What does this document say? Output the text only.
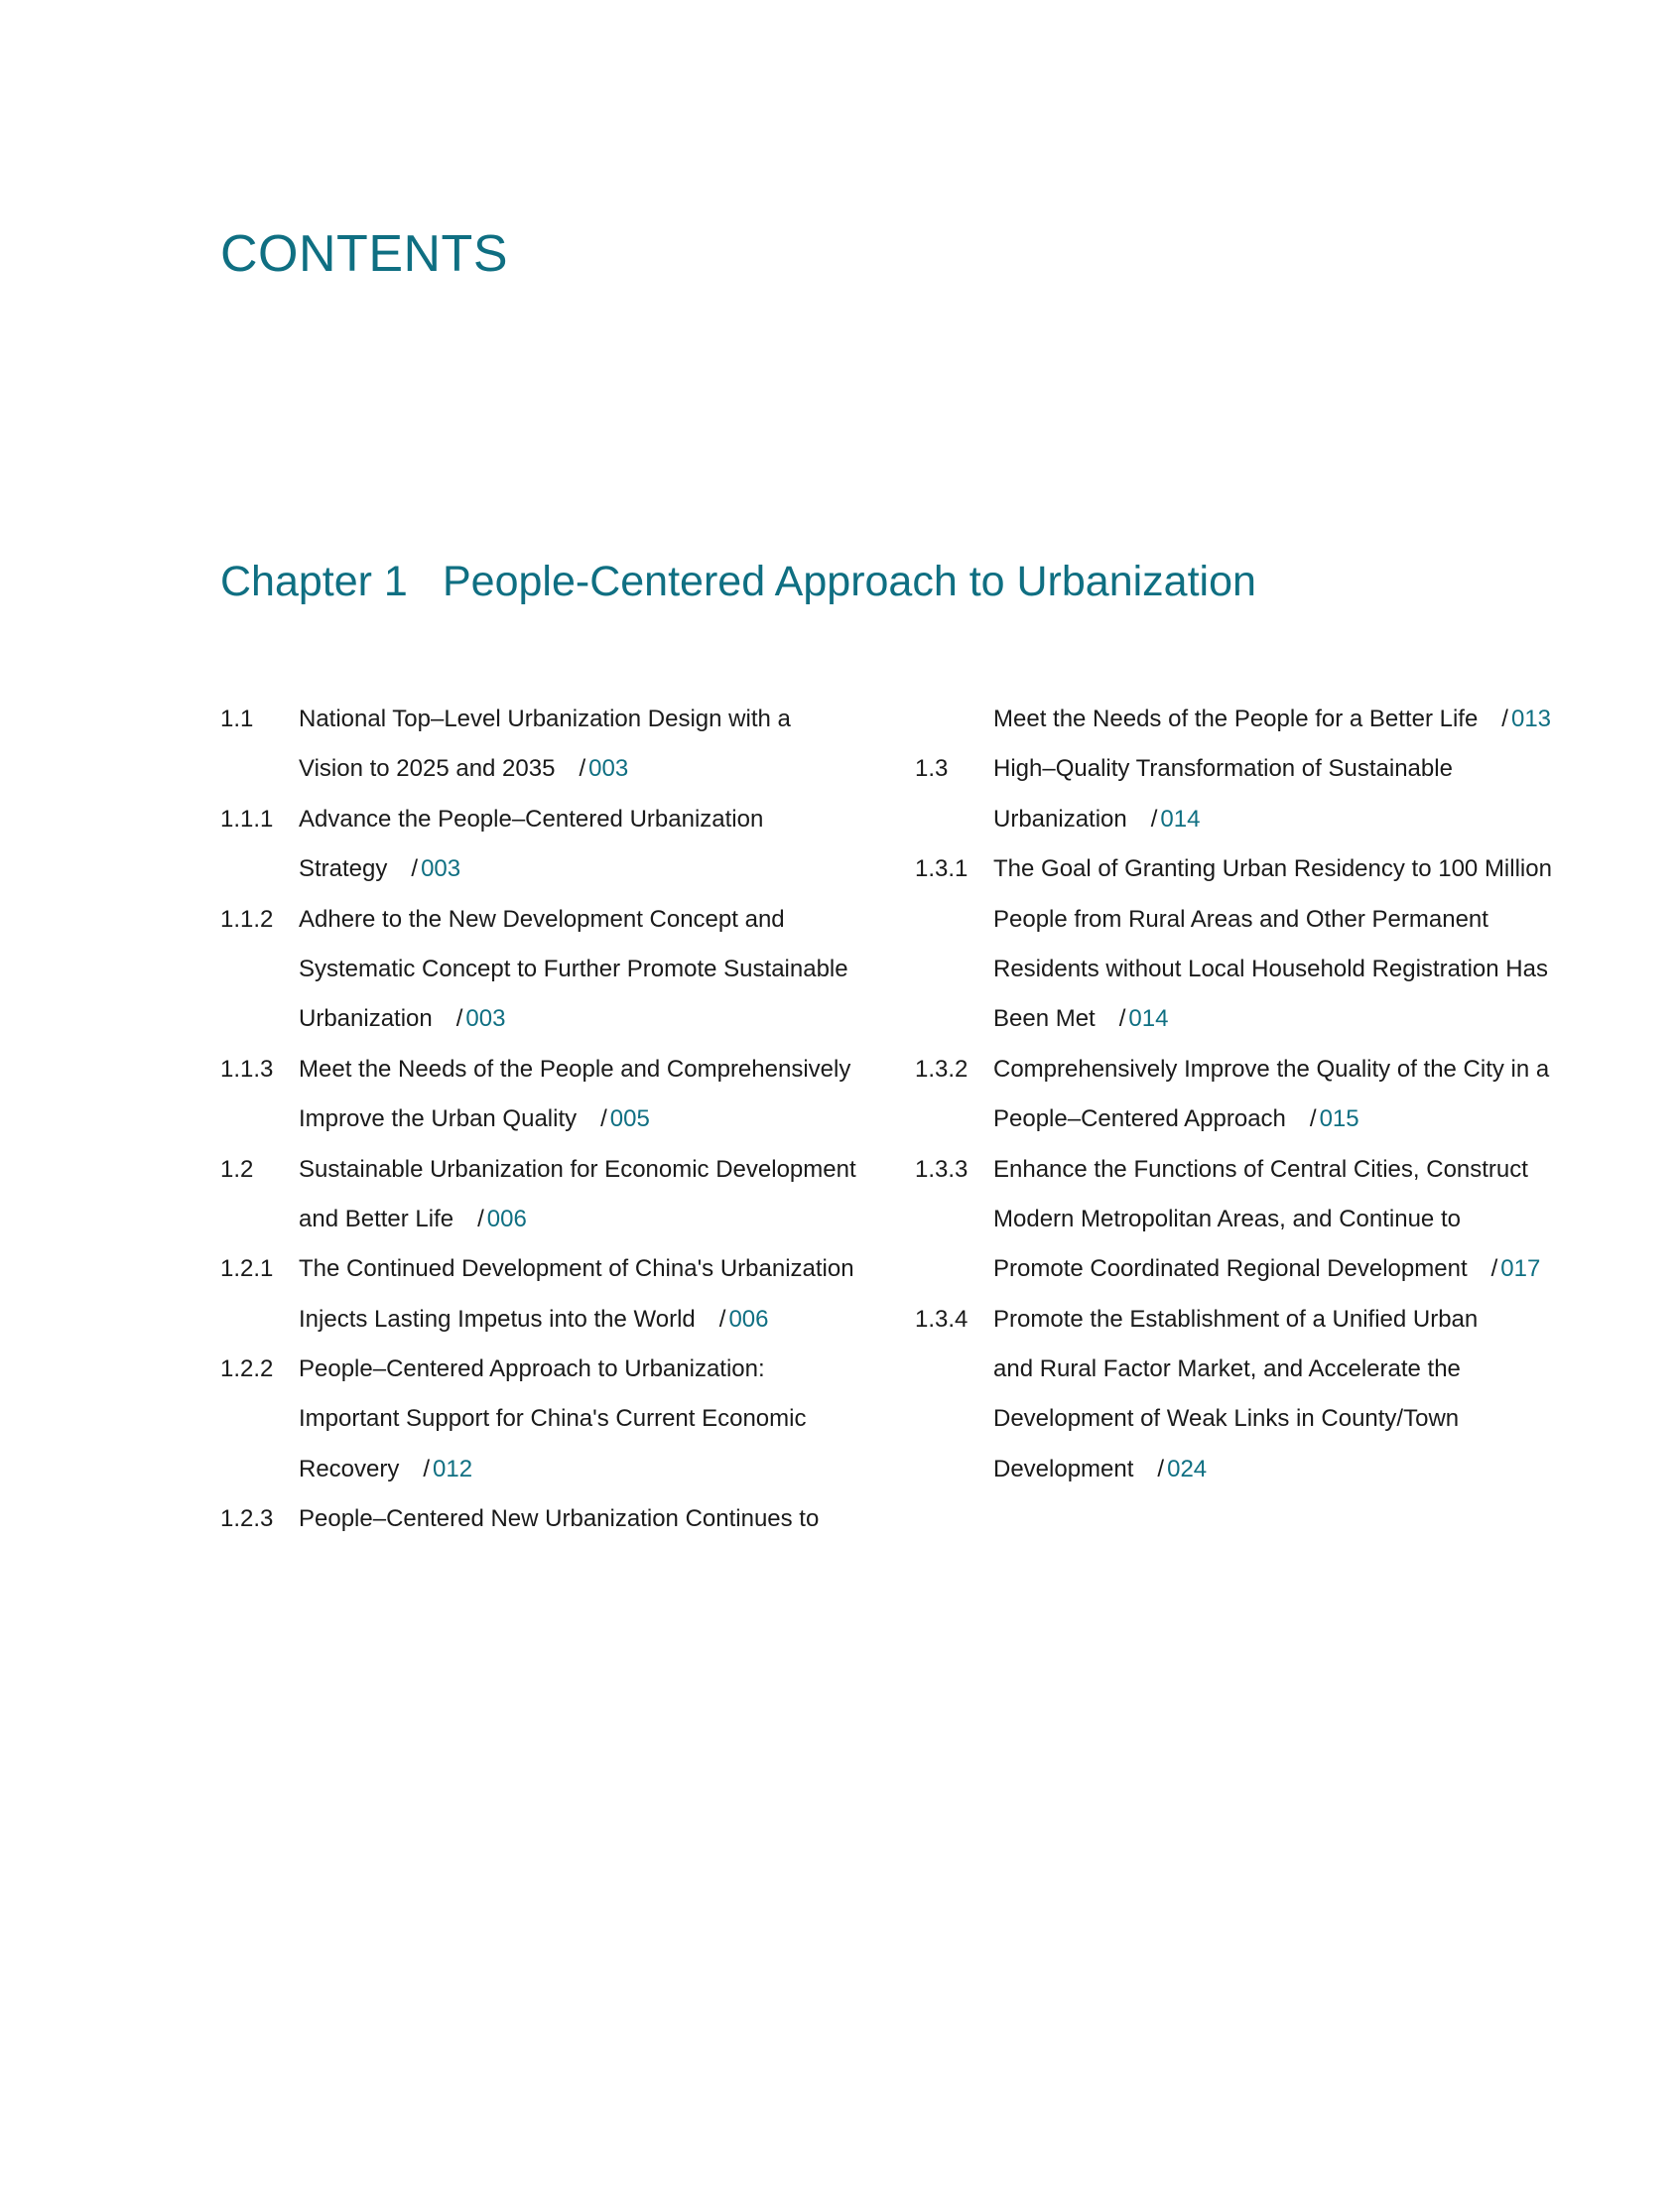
CONTENTS
Chapter 1 People-Centered Approach to Urbanization
1.1	National Top–Level Urbanization Design with a
Vision to 2025 and 2035 / 003
1.1.1	Advance the People–Centered Urbanization
Strategy / 003
1.1.2	Adhere to the New Development Concept and
Systematic Concept to Further Promote Sustainable
Urbanization / 003
1.1.3	Meet the Needs of the People and Comprehensively
Improve the Urban Quality / 005
1.2	Sustainable Urbanization for Economic Development
and Better Life / 006
1.2.1	The Continued Development of China's Urbanization
Injects Lasting Impetus into the World / 006
1.2.2	People–Centered Approach to Urbanization:
Important Support for China's Current Economic
Recovery / 012
1.2.3	People–Centered New Urbanization Continues to
Meet the Needs of the People for a Better Life / 013
1.3	High–Quality Transformation of Sustainable
Urbanization / 014
1.3.1	The Goal of Granting Urban Residency to 100 Million
People from Rural Areas and Other Permanent
Residents without Local Household Registration Has
Been Met / 014
1.3.2	Comprehensively Improve the Quality of the City in a
People–Centered Approach / 015
1.3.3	Enhance the Functions of Central Cities, Construct
Modern Metropolitan Areas, and Continue to
Promote Coordinated Regional Development / 017
1.3.4	Promote the Establishment of a Unified Urban
and Rural Factor Market, and Accelerate the
Development of Weak Links in County/Town
Development / 024
